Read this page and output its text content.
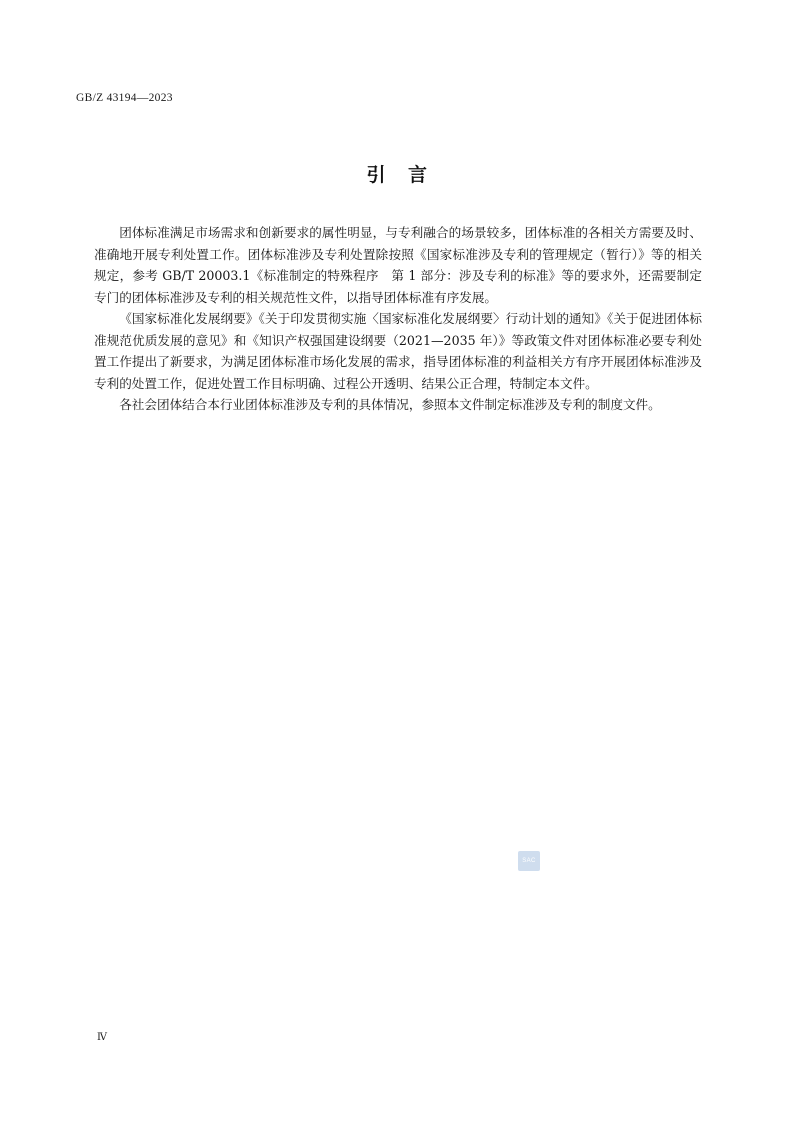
GB/Z 43194—2023
引 言

团体标准满足市场需求和创新要求的属性明显，与专利融合的场景较多，团体标准的各相关方需要及时、准确地开展专利处置工作。团体标准涉及专利处置除按照《国家标准涉及专利的管理规定（暂行）》等的相关规定，参考 GB/T 20003.1《标准制定的特殊程序　第 1 部分：涉及专利的标准》等的要求外，还需要制定专门的团体标准涉及专利的相关规范性文件，以指导团体标准有序发展。

《国家标准化发展纲要》《关于印发贯彻实施〈国家标准化发展纲要〉行动计划的通知》《关于促进团体标准规范优质发展的意见》和《知识产权强国建设纲要（2021—2035 年）》等政策文件对团体标准必要专利处置工作提出了新要求，为满足团体标准市场化发展的需求，指导团体标准的利益相关方有序开展团体标准涉及专利的处置工作，促进处置工作目标明确、过程公开透明、结果公正合理，特制定本文件。

各社会团体结合本行业团体标准涉及专利的具体情况，参照本文件制定标准涉及专利的制度文件。

SAC
Ⅳ
